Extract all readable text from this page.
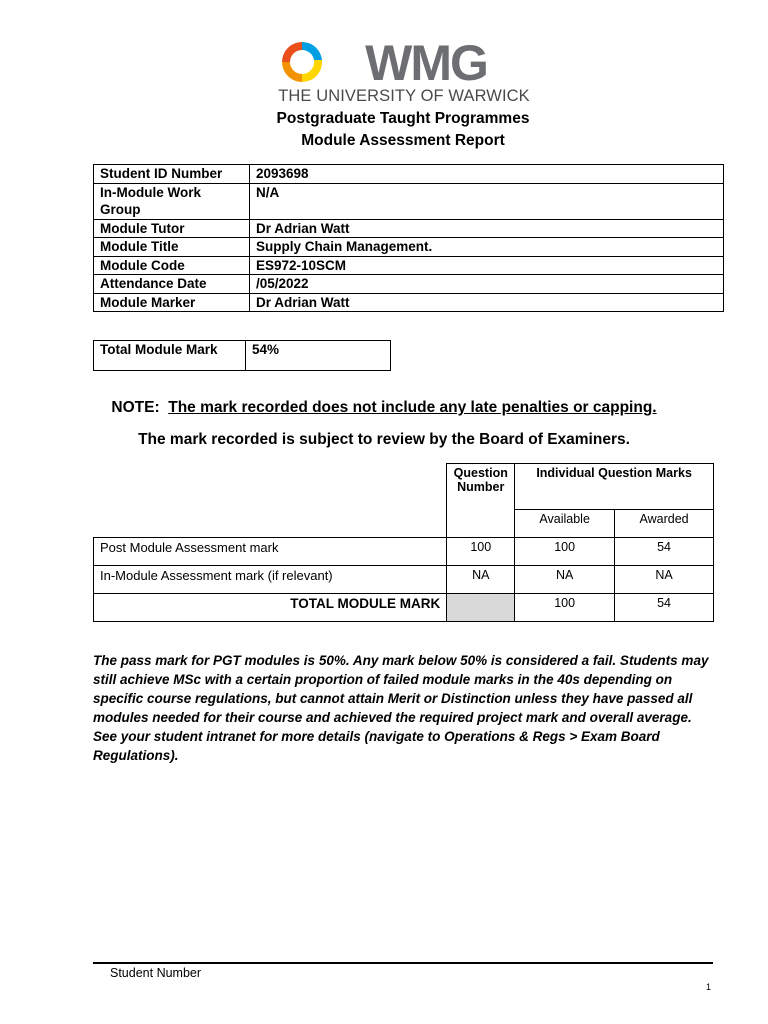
WMG
THE UNIVERSITY OF WARWICK
Postgraduate Taught Programmes
Module Assessment Report
Student ID Number	2093698
In-Module Work Group	N/A
Module Tutor	Dr Adrian Watt
Module Title	Supply Chain Management.
Module Code	ES972-10SCM
Attendance Date	/05/2022
Module Marker	Dr Adrian Watt
Total Module Mark	54%
NOTE: The mark recorded does not include any late penalties or capping.
The mark recorded is subject to review by the Board of Examiners.
	Question Number	Individual Question Marks	
		Available	Awarded
Post Module Assessment mark	100	100	54
In-Module Assessment mark (if relevant)	NA	NA	NA
TOTAL MODULE MARK		100	54
The pass mark for PGT modules is 50%. Any mark below 50% is considered a fail. Students may still achieve MSc with a certain proportion of failed module marks in the 40s depending on specific course regulations, but cannot attain Merit or Distinction unless they have passed all modules needed for their course and achieved the required project mark and overall average. See your student intranet for more details (navigate to Operations & Regs > Exam Board Regulations).
Student Number
1
